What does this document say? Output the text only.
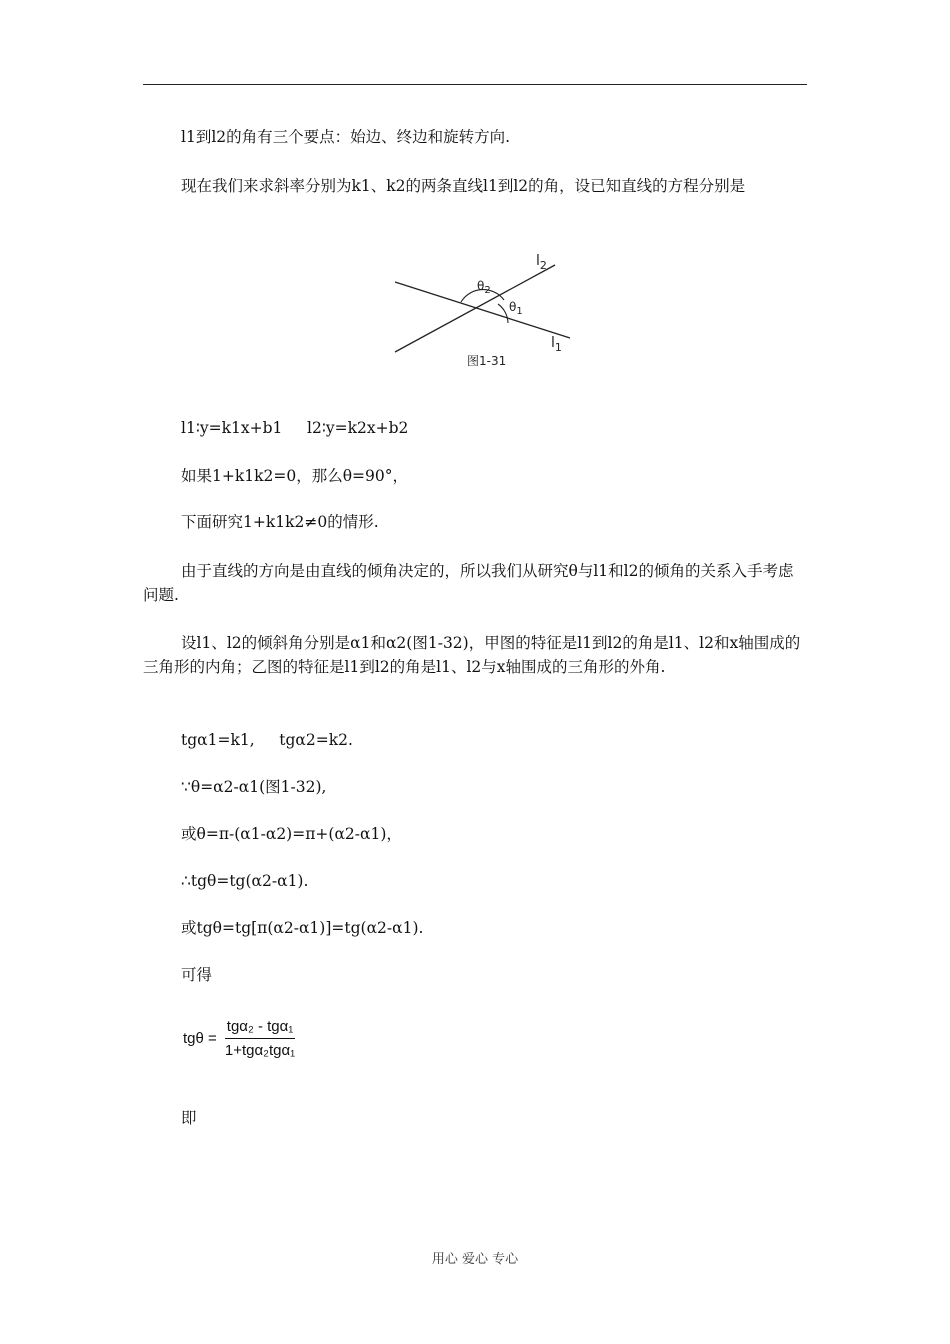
l1到l2的角有三个要点：始边、终边和旋转方向.

现在我们来求斜率分别为k1、k2的两条直线l1到l2的角，设已知直线的方程分别是

$\theta_2$
$\theta_1$
$l_2$
$l_1$
图1-31

l1∶y=k1x+b1     l2∶y=k2x+b2

如果1+k1k2=0，那么θ=90°，

下面研究1+k1k2≠0的情形.

由于直线的方向是由直线的倾角决定的，所以我们从研究θ与l1和l2的倾角的关系入手考虑问题.

设l1、l2的倾斜角分别是α1和α2(图1-32)，甲图的特征是l1到l2的角是l1、l2和x轴围成的三角形的内角；乙图的特征是l1到l2的角是l1、l2与x轴围成的三角形的外角.

tgα1=k1,     tgα2=k2.

∵θ=α2-α1(图1-32),

或θ=π-(α1-α2)=π+(α2-α1)，

∴tgθ=tg(α2-α1).

或tgθ=tg[π(α2-α1)]=tg(α2-α1).

可得

$tg\theta = \frac{\text{tgα₂ - tgα₁}}{\text{1+tgα₂tgα₁}}$

即

用心 爱心 专心
